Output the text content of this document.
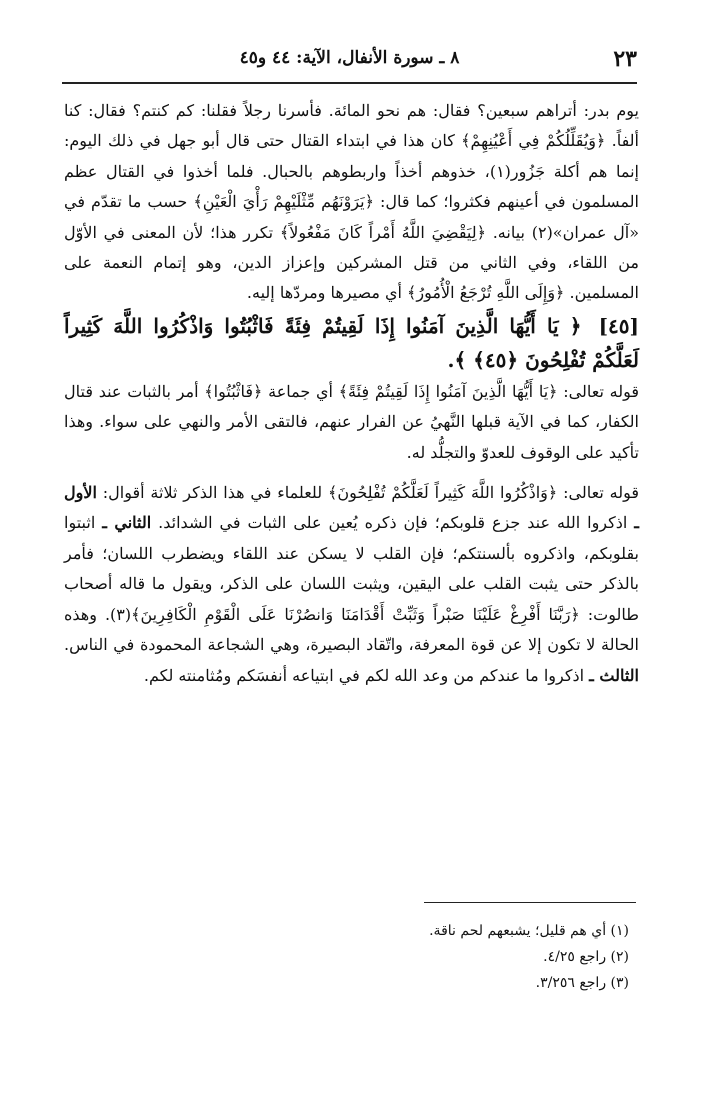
٢٣
٨ ـ سورة الأنفال، الآية: ٤٤ و٤٥

يوم بدر: أتراهم سبعين؟ فقال: هم نحو المائة. فأسرنا رجلاً فقلنا: كم كنتم؟ فقال: كنا ألفاً. ﴿وَيُقَلِّلُكُمْ فِي أَعْيُنِهِمْ﴾ كان هذا في ابتداء القتال حتى قال أبو جهل في ذلك اليوم: إنما هم أكلة جَزُور(١)، خذوهم أخذاً واربطوهم بالحبال. فلما أخذوا في القتال عظم المسلمون في أعينهم فكثروا؛ كما قال: ﴿يَرَوْنَهُم مِّثْلَيْهِمْ رَأْيَ الْعَيْنِ﴾ حسب ما تقدّم في «آل عمران»(٢) بيانه. ﴿لِيَقْضِيَ اللَّهُ أَمْراً كَانَ مَفْعُولاً﴾ تكرر هذا؛ لأن المعنى في الأوّل من اللقاء، وفي الثاني من قتل المشركين وإعزاز الدين، وهو إتمام النعمة على المسلمين. ﴿وَإِلَى اللَّهِ تُرْجَعُ الْأُمُورُ﴾ أي مصيرها ومردّها إليه.

[٤٥] ﴿ يَا أَيُّهَا الَّذِينَ آمَنُوا إِذَا لَقِيتُمْ فِئَةً فَاثْبُتُوا وَاذْكُرُوا اللَّهَ كَثِيراً لَعَلَّكُمْ تُفْلِحُونَ ﴿٤٥﴾ ﴾.

قوله تعالى: ﴿يَا أَيُّهَا الَّذِينَ آمَنُوا إِذَا لَقِيتُمْ فِئَةً﴾ أي جماعة ﴿فَاثْبُتُوا﴾ أمر بالثبات عند قتال الكفار، كما في الآية قبلها النَّهيُ عن الفرار عنهم، فالتقى الأمر والنهي على سواء. وهذا تأكيد على الوقوف للعدوّ والتجلُّد له.

قوله تعالى: ﴿وَاذْكُرُوا اللَّهَ كَثِيراً لَعَلَّكُمْ تُفْلِحُونَ﴾ للعلماء في هذا الذكر ثلاثة أقوال: الأول ـ اذكروا الله عند جزع قلوبكم؛ فإن ذكره يُعين على الثبات في الشدائد. الثاني ـ اثبتوا بقلوبكم، واذكروه بألسنتكم؛ فإن القلب لا يسكن عند اللقاء ويضطرب اللسان؛ فأمر بالذكر حتى يثبت القلب على اليقين، ويثبت اللسان على الذكر، ويقول ما قاله أصحاب طالوت: ﴿رَبَّنَا أَفْرِغْ عَلَيْنَا صَبْراً وَثَبِّتْ أَقْدَامَنَا وَانصُرْنَا عَلَى الْقَوْمِ الْكَافِرِينَ﴾(٣). وهذه الحالة لا تكون إلا عن قوة المعرفة، واتّقاد البصيرة، وهي الشجاعة المحمودة في الناس. الثالث ـ اذكروا ما عندكم من وعد الله لكم في ابتياعه أنفسَكم ومُثامنته لكم.

(١) أي هم قليل؛ يشبعهم لحم ناقة.
(٢) راجع ٤/٢٥.
(٣) راجع ٣/٢٥٦.
